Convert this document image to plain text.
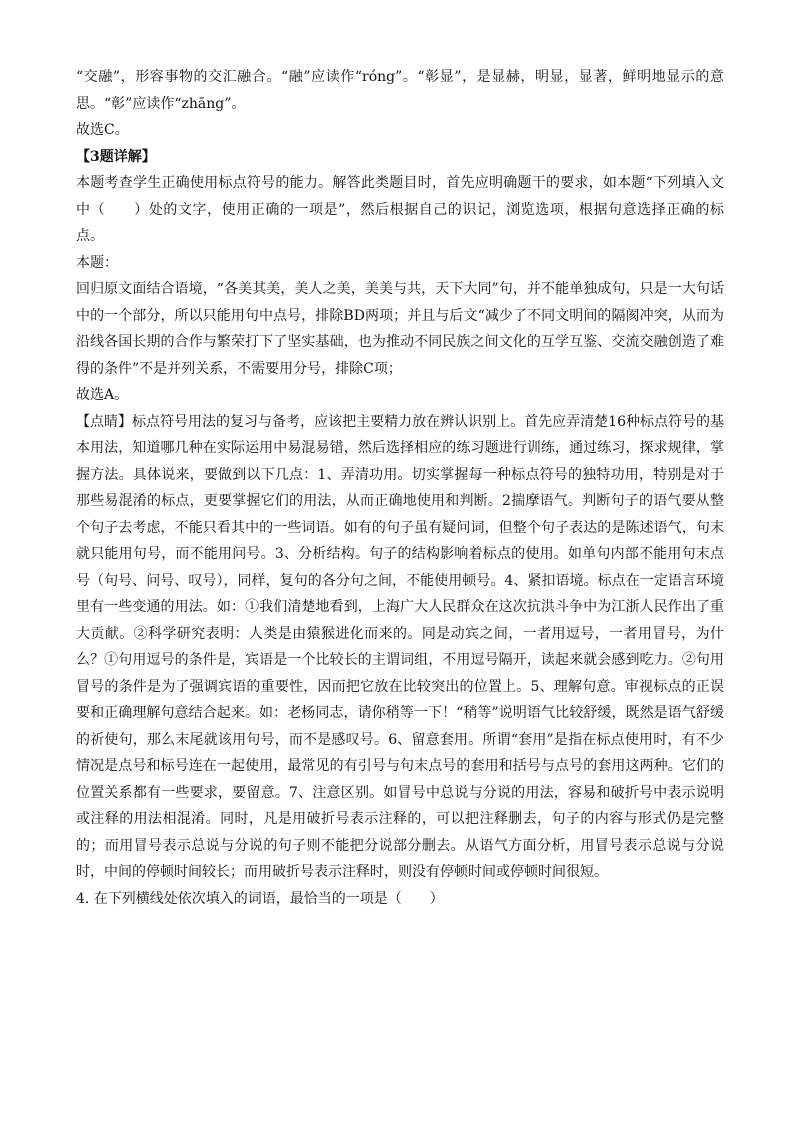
“交融”，形容事物的交汇融合。“融”应读作“róng”。“彰显”，是显赫，明显，显著，鲜明地显示的意思。“彰”应读作“zhāng”。

故选C。

【3题详解】

本题考查学生正确使用标点符号的能力。解答此类题目时，首先应明确题干的要求，如本题“下列填入文中（　　）处的文字，使用正确的一项是”，然后根据自己的识记，浏览选项，根据句意选择正确的标点。

本题：

回归原文面结合语境，“各美其美，美人之美，美美与共，天下大同”句，并不能单独成句，只是一大句话中的一个部分，所以只能用句中点号，排除BD两项；并且与后文“减少了不同文明间的隔阂冲突，从而为沿线各国长期的合作与繁荣打下了坚实基础，也为推动不同民族之间文化的互学互鉴、交流交融创造了难得的条件”不是并列关系，不需要用分号，排除C项；

故选A。

【点睛】标点符号用法的复习与备考，应该把主要精力放在辨认识别上。首先应弄清楚16种标点符号的基本用法，知道哪几种在实际运用中易混易错，然后选择相应的练习题进行训练，通过练习，探求规律，掌握方法。具体说来，要做到以下几点：1、弄清功用。切实掌握每一种标点符号的独特功用，特别是对于那些易混淆的标点，更要掌握它们的用法，从而正确地使用和判断。2揣摩语气。判断句子的语气要从整个句子去考虑，不能只看其中的一些词语。如有的句子虽有疑问词，但整个句子表达的是陈述语气，句末就只能用句号，而不能用问号。3、分析结构。句子的结构影响着标点的使用。如单句内部不能用句末点号（句号、问号、叹号），同样，复句的各分句之间，不能使用顿号。4、紧扣语境。标点在一定语言环境里有一些变通的用法。如：①我们清楚地看到，上海广大人民群众在这次抗洪斗争中为江浙人民作出了重大贡献。②科学研究表明：人类是由猿猴进化而来的。同是动宾之间，一者用逗号，一者用冒号，为什么？①句用逗号的条件是，宾语是一个比较长的主谓词组，不用逗号隔开，读起来就会感到吃力。②句用冒号的条件是为了强调宾语的重要性，因而把它放在比较突出的位置上。5、理解句意。审视标点的正误要和正确理解句意结合起来。如：老杨同志，请你稍等一下！“稍等”说明语气比较舒缓，既然是语气舒缓的祈使句，那么末尾就该用句号，而不是感叹号。6、留意套用。所谓“套用”是指在标点使用时，有不少情况是点号和标号连在一起使用，最常见的有引号与句末点号的套用和括号与点号的套用这两种。它们的位置关系都有一些要求，要留意。7、注意区别。如冒号中总说与分说的用法，容易和破折号中表示说明或注释的用法相混淆。同时，凡是用破折号表示注释的，可以把注释删去，句子的内容与形式仍是完整的；而用冒号表示总说与分说的句子则不能把分说部分删去。从语气方面分析，用冒号表示总说与分说时，中间的停顿时间较长；而用破折号表示注释时，则没有停顿时间或停顿时间很短。

4. 在下列横线处依次填入的词语，最恰当的一项是（　　）
